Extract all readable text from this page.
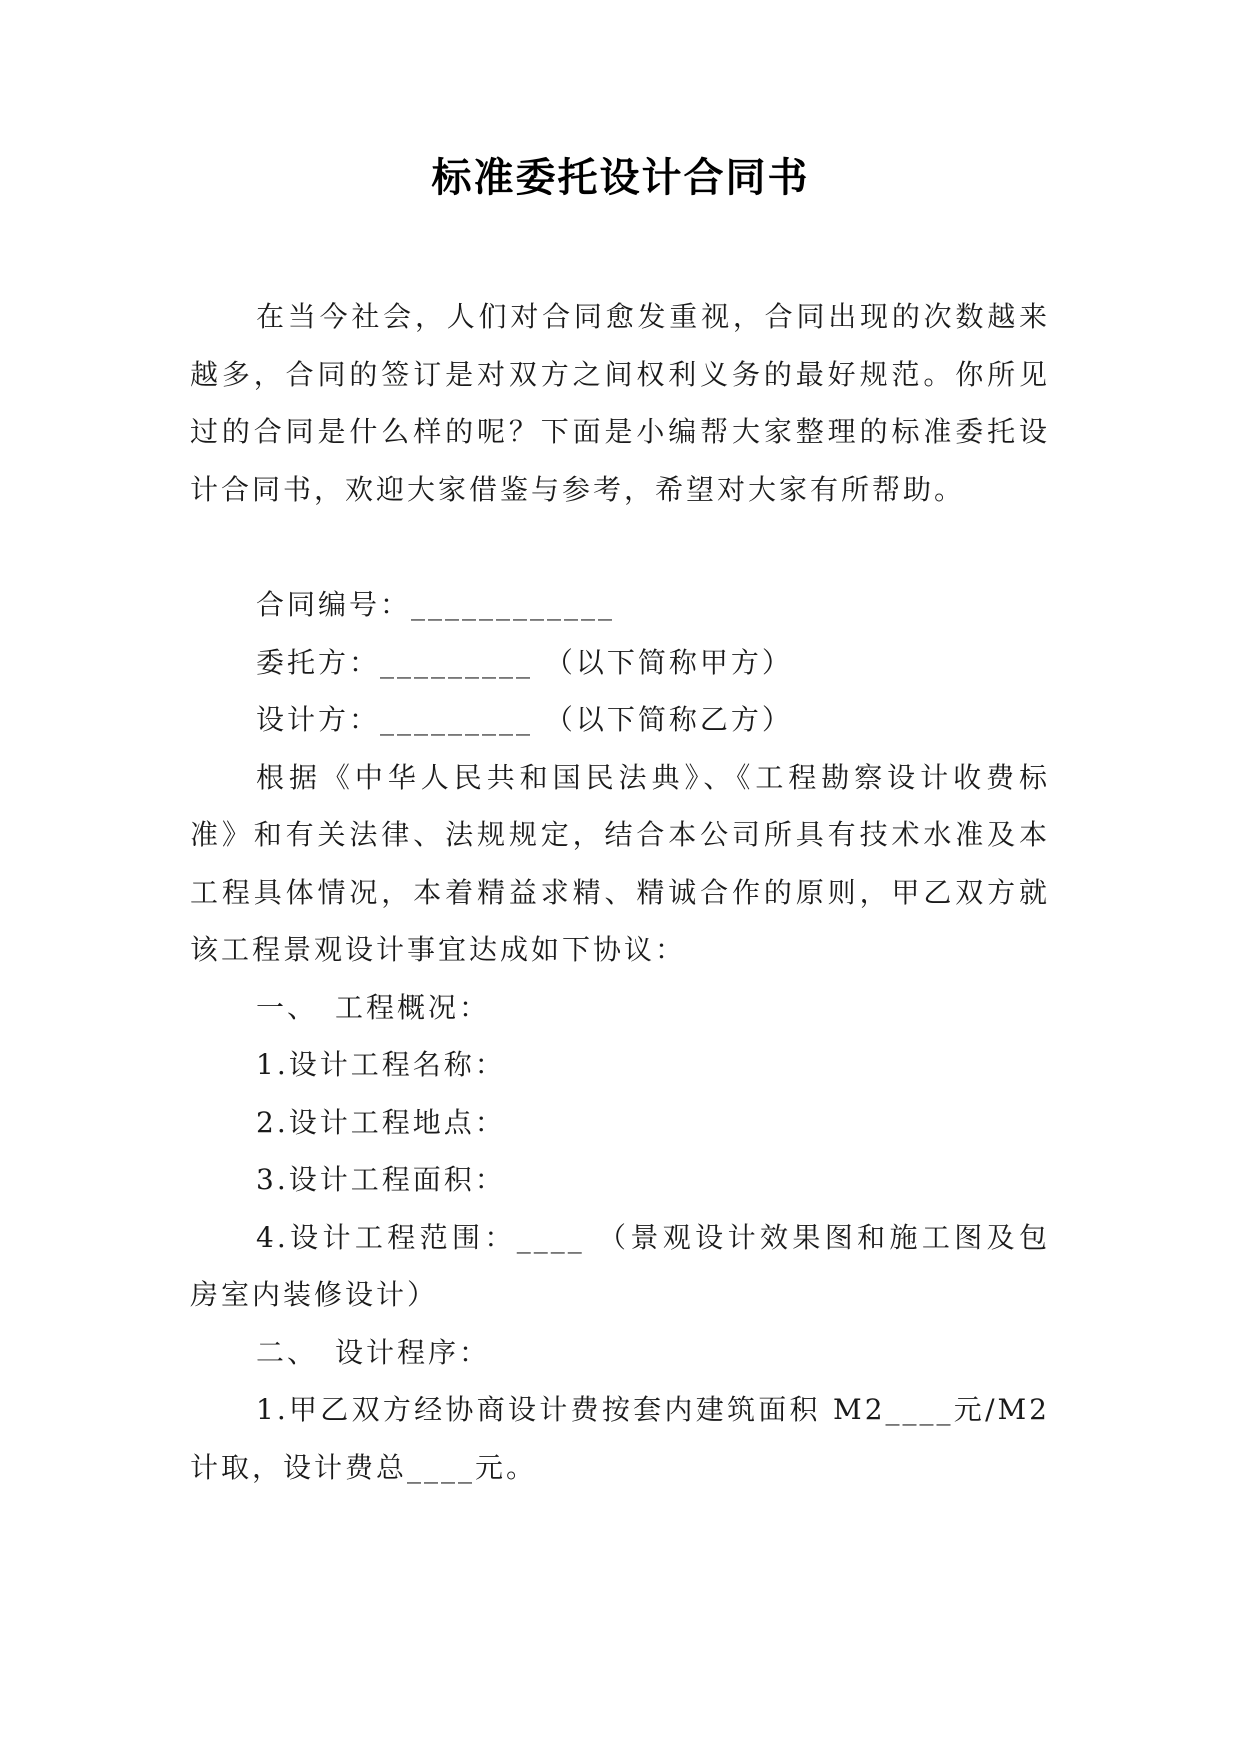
标准委托设计合同书

在当今社会，人们对合同愈发重视，合同出现的次数越来越多，合同的签订是对双方之间权利义务的最好规范。你所见过的合同是什么样的呢？下面是小编帮大家整理的标准委托设计合同书，欢迎大家借鉴与参考，希望对大家有所帮助。

合同编号：____________

委托方：_________ （以下简称甲方）

设计方：_________ （以下简称乙方）

根据《中华人民共和国民法典》、《工程勘察设计收费标准》和有关法律、法规规定，结合本公司所具有技术水准及本工程具体情况，本着精益求精、精诚合作的原则，甲乙双方就该工程景观设计事宜达成如下协议：

一、　工程概况：

1.设计工程名称：

2.设计工程地点：

3.设计工程面积：

4.设计工程范围：____ （景观设计效果图和施工图及包房室内装修设计）

二、　设计程序：

1.甲乙双方经协商设计费按套内建筑面积 M2____元/M2计取，设计费总____元。
